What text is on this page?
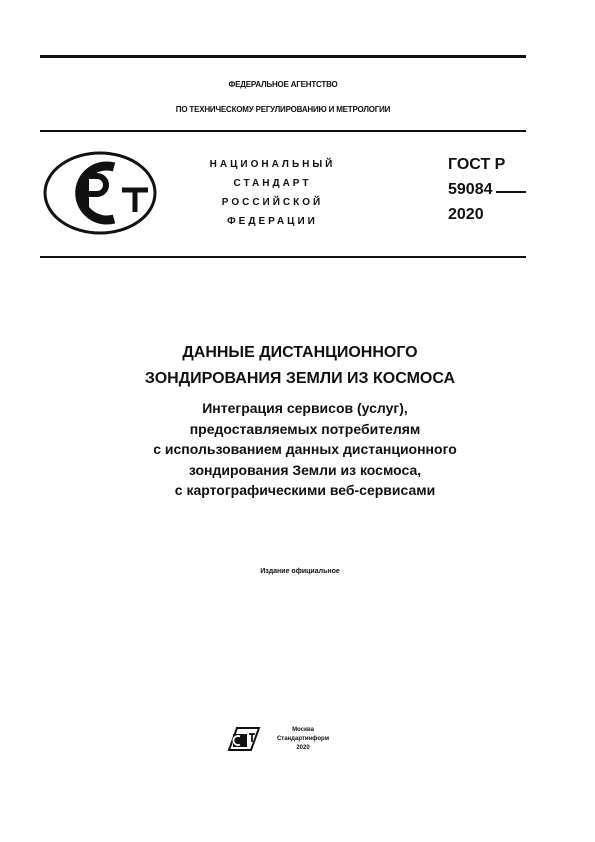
ФЕДЕРАЛЬНОЕ АГЕНТСТВО
ПО ТЕХНИЧЕСКОМУ РЕГУЛИРОВАНИЮ И МЕТРОЛОГИИ
НАЦИОНАЛЬНЫЙ
СТАНДАРТ
РОССИЙСКОЙ
ФЕДЕРАЦИИ
ГОСТ Р
59084
2020
ДАННЫЕ ДИСТАНЦИОННОГО
ЗОНДИРОВАНИЯ ЗЕМЛИ ИЗ КОСМОСА
Интеграция сервисов (услуг),
предоставляемых потребителям
с использованием данных дистанционного
зондирования Земли из космоса,
с картографическими веб-сервисами
Издание официальное
Москва
Стандартинформ
2020
